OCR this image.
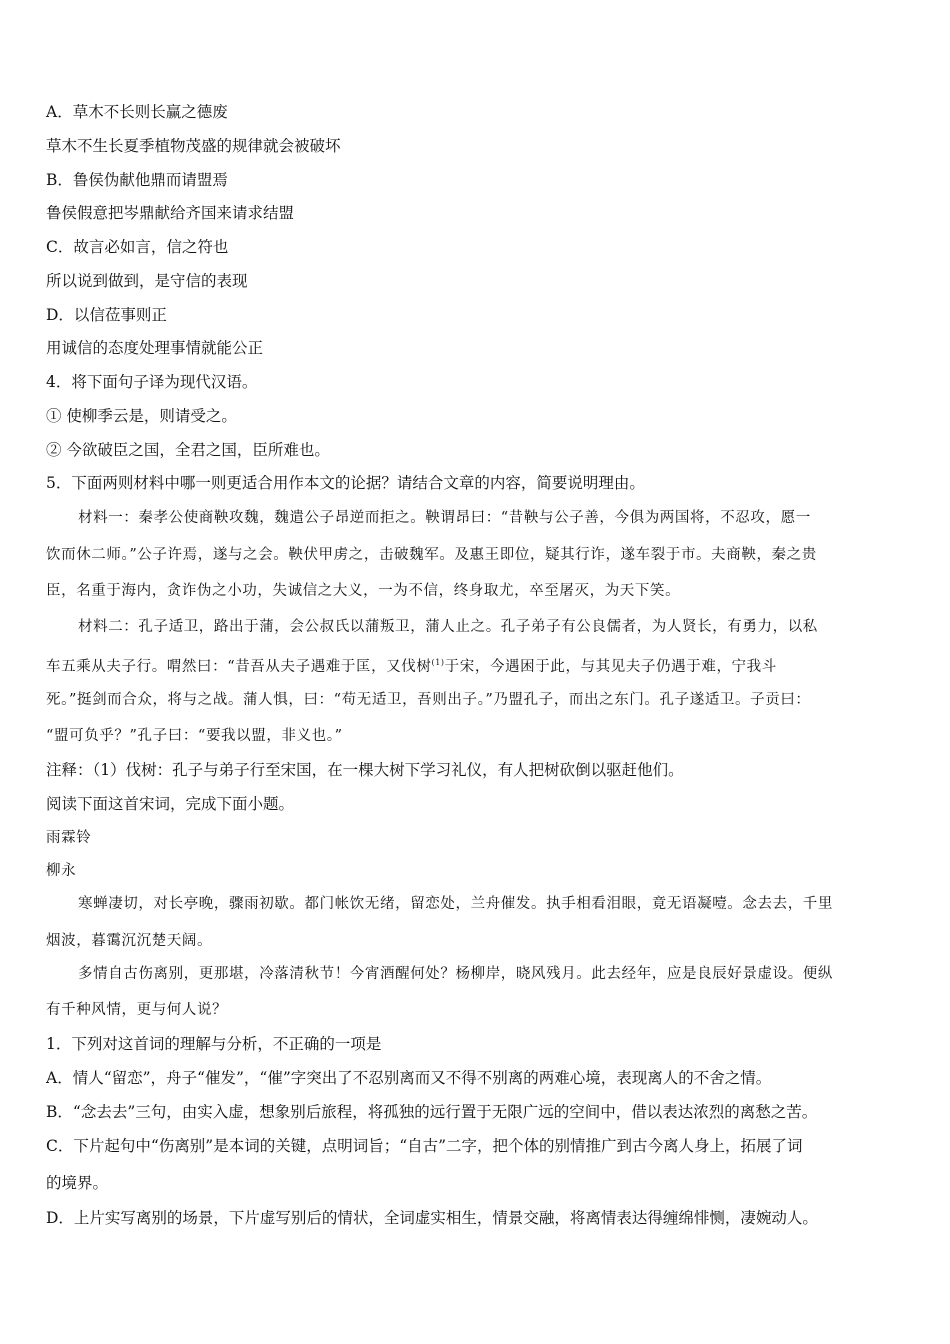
A．草木不长则长赢之德废
草木不生长夏季植物茂盛的规律就会被破坏
B．鲁侯伪献他鼎而请盟焉
鲁侯假意把岑鼎献给齐国来请求结盟
C．故言必如言，信之符也
所以说到做到，是守信的表现
D．以信莅事则正
用诚信的态度处理事情就能公正
4．将下面句子译为现代汉语。
① 使柳季云是，则请受之。
② 今欲破臣之国，全君之国，臣所难也。
5．下面两则材料中哪一则更适合用作本文的论据？请结合文章的内容，简要说明理由。
材料一：秦孝公使商鞅攻魏，魏遣公子昂逆而拒之。鞅谓昂曰：“昔鞅与公子善，今俱为两国将，不忍攻，愿一
饮而休二师。”公子许焉，遂与之会。鞅伏甲虏之，击破魏军。及惠王即位，疑其行诈，遂车裂于市。夫商鞅，秦之贵
臣，名重于海内，贪诈伪之小功，失诚信之大义，一为不信，终身取尤，卒至屠灭，为天下笑。
材料二：孔子适卫，路出于蒲，会公叔氏以蒲叛卫，蒲人止之。孔子弟子有公良儒者，为人贤长，有勇力，以私
车五乘从夫子行。喟然曰：“昔吾从夫子遇难于匡，又伐树$^{(1)}$于宋，今遇困于此，与其见夫子仍遇于难，宁我斗
死。”挺剑而合众，将与之战。蒲人惧，曰：“苟无适卫，吾则出子。”乃盟孔子，而出之东门。孔子遂适卫。子贡曰：
“盟可负乎？”孔子曰：“要我以盟，非义也。”
注释：（1）伐树：孔子与弟子行至宋国，在一棵大树下学习礼仪，有人把树砍倒以驱赶他们。
阅读下面这首宋词，完成下面小题。
雨霖铃
柳永
寒蝉凄切，对长亭晚，骤雨初歇。都门帐饮无绪，留恋处，兰舟催发。执手相看泪眼，竟无语凝噎。念去去，千里
烟波，暮霭沉沉楚天阔。
多情自古伤离别，更那堪，冷落清秋节！今宵酒醒何处？杨柳岸，晓风残月。此去经年，应是良辰好景虚设。便纵
有千种风情，更与何人说？
1．下列对这首词的理解与分析，不正确的一项是
A．情人“留恋”，舟子“催发”，“催”字突出了不忍别离而又不得不别离的两难心境，表现离人的不舍之情。
B．“念去去”三句，由实入虚，想象别后旅程，将孤独的远行置于无限广远的空间中，借以表达浓烈的离愁之苦。
C．下片起句中“伤离别”是本词的关键，点明词旨；“自古”二字，把个体的别情推广到古今离人身上，拓展了词
的境界。
D．上片实写离别的场景，下片虚写别后的情状，全词虚实相生，情景交融，将离情表达得缠绵悱恻，凄婉动人。
